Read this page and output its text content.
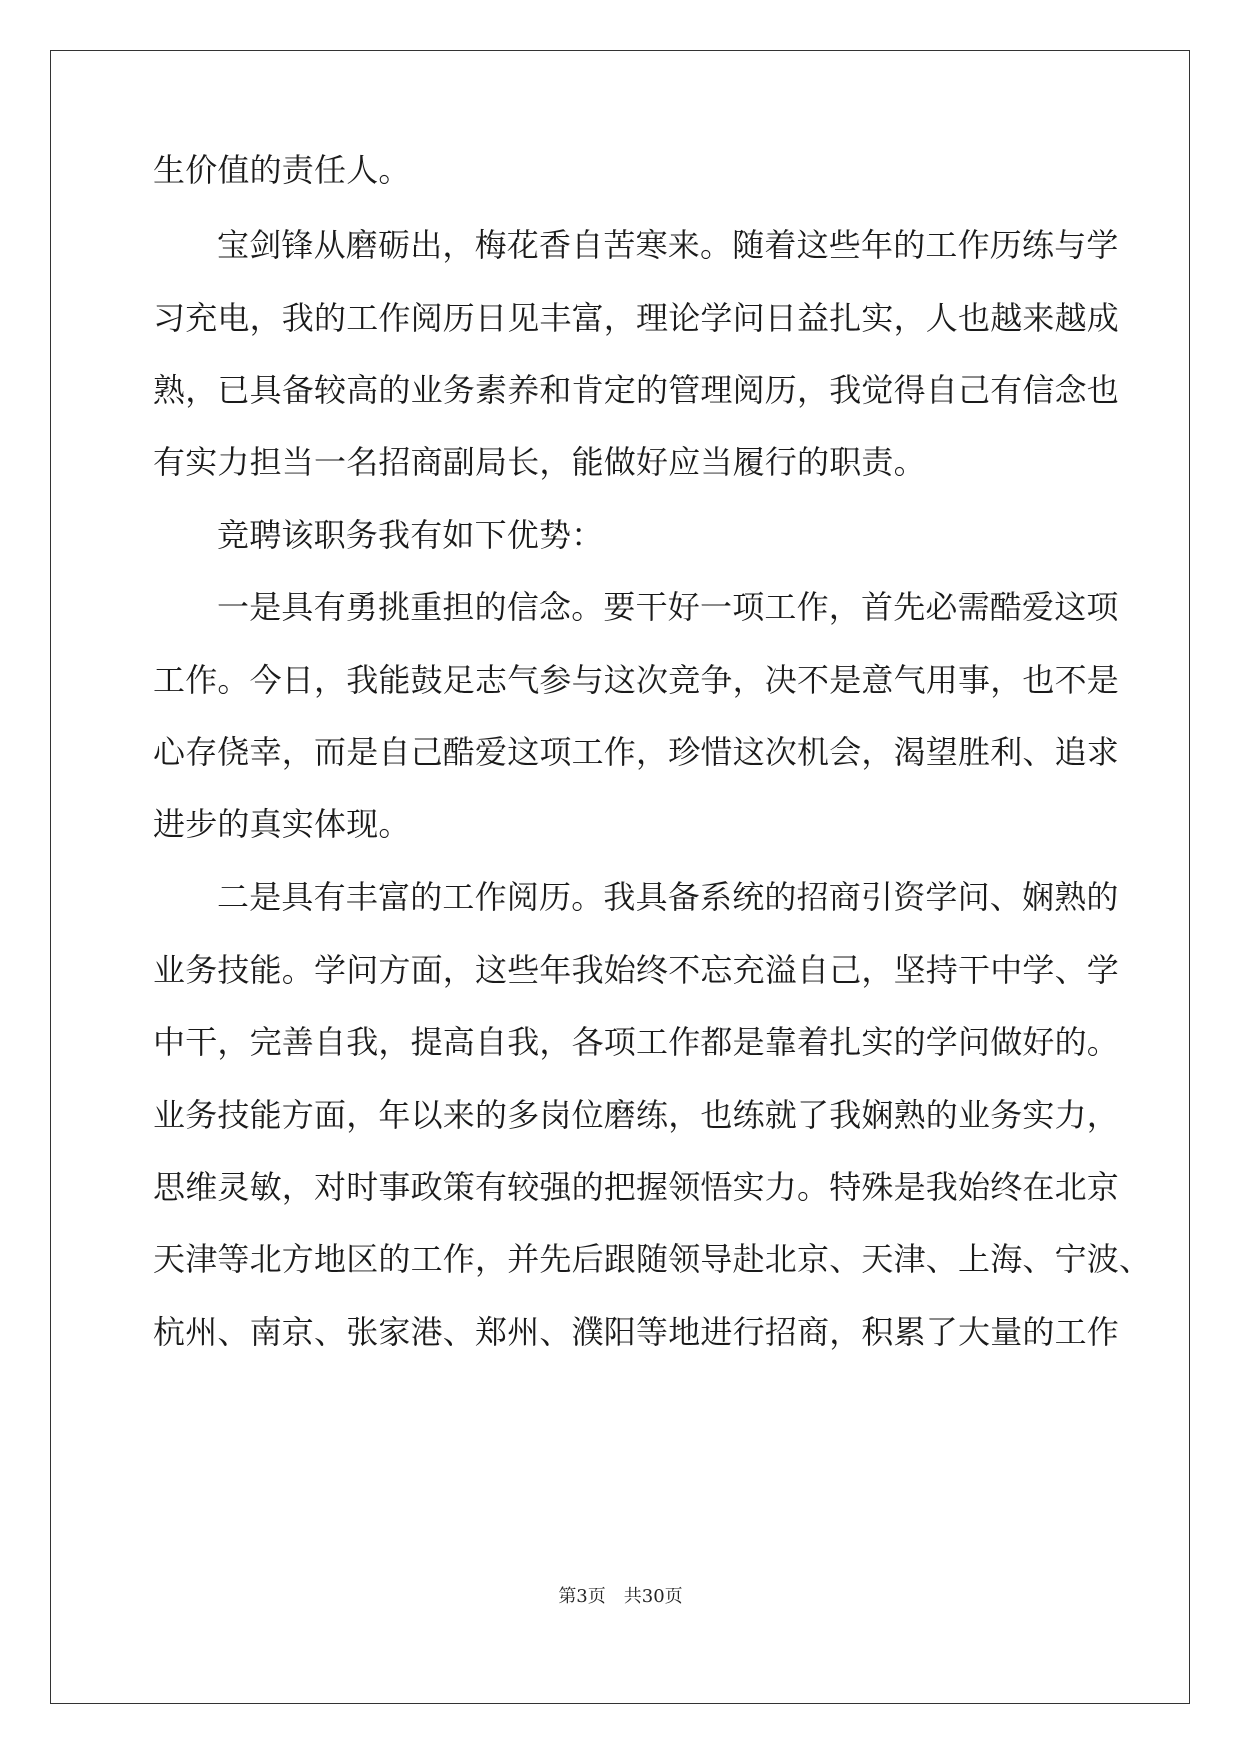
生价值的责任人。
宝剑锋从磨砺出，梅花香自苦寒来。随着这些年的工作历练与学
习充电，我的工作阅历日见丰富，理论学问日益扎实，人也越来越成
熟，已具备较高的业务素养和肯定的管理阅历，我觉得自己有信念也
有实力担当一名招商副局长，能做好应当履行的职责。
竞聘该职务我有如下优势：
一是具有勇挑重担的信念。要干好一项工作，首先必需酷爱这项
工作。今日，我能鼓足志气参与这次竞争，决不是意气用事，也不是
心存侥幸，而是自己酷爱这项工作，珍惜这次机会，渴望胜利、追求
进步的真实体现。
二是具有丰富的工作阅历。我具备系统的招商引资学问、娴熟的
业务技能。学问方面，这些年我始终不忘充溢自己，坚持干中学、学
中干，完善自我，提高自我，各项工作都是靠着扎实的学问做好的。
业务技能方面，年以来的多岗位磨练，也练就了我娴熟的业务实力，
思维灵敏，对时事政策有较强的把握领悟实力。特殊是我始终在北京
天津等北方地区的工作，并先后跟随领导赴北京、天津、上海、宁波、
杭州、南京、张家港、郑州、濮阳等地进行招商，积累了大量的工作
第3页　共30页
